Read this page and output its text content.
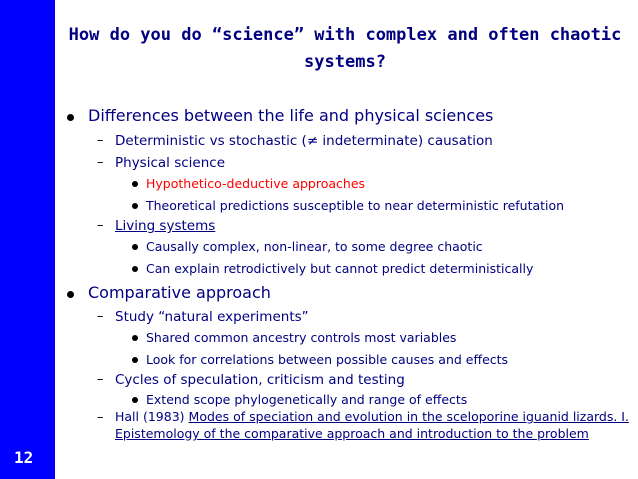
12
How do you do “science” with complex and often chaotic systems?
Differences between the life and physical sciences
– Deterministic vs stochastic (≠ indeterminate) causation
– Physical science
Hypothetico-deductive approaches
Theoretical predictions susceptible to near deterministic refutation
– Living systems
Causally complex, non-linear, to some degree chaotic
Can explain retrodictively but cannot predict deterministically
Comparative approach
– Study “natural experiments”
Shared common ancestry controls most variables
Look for correlations between possible causes and effects
– Cycles of speculation, criticism and testing
Extend scope phylogenetically and range of effects
– Hall (1983) Modes of speciation and evolution in the sceloporine iguanid lizards. I. Epistemology of the comparative approach and introduction to the problem
